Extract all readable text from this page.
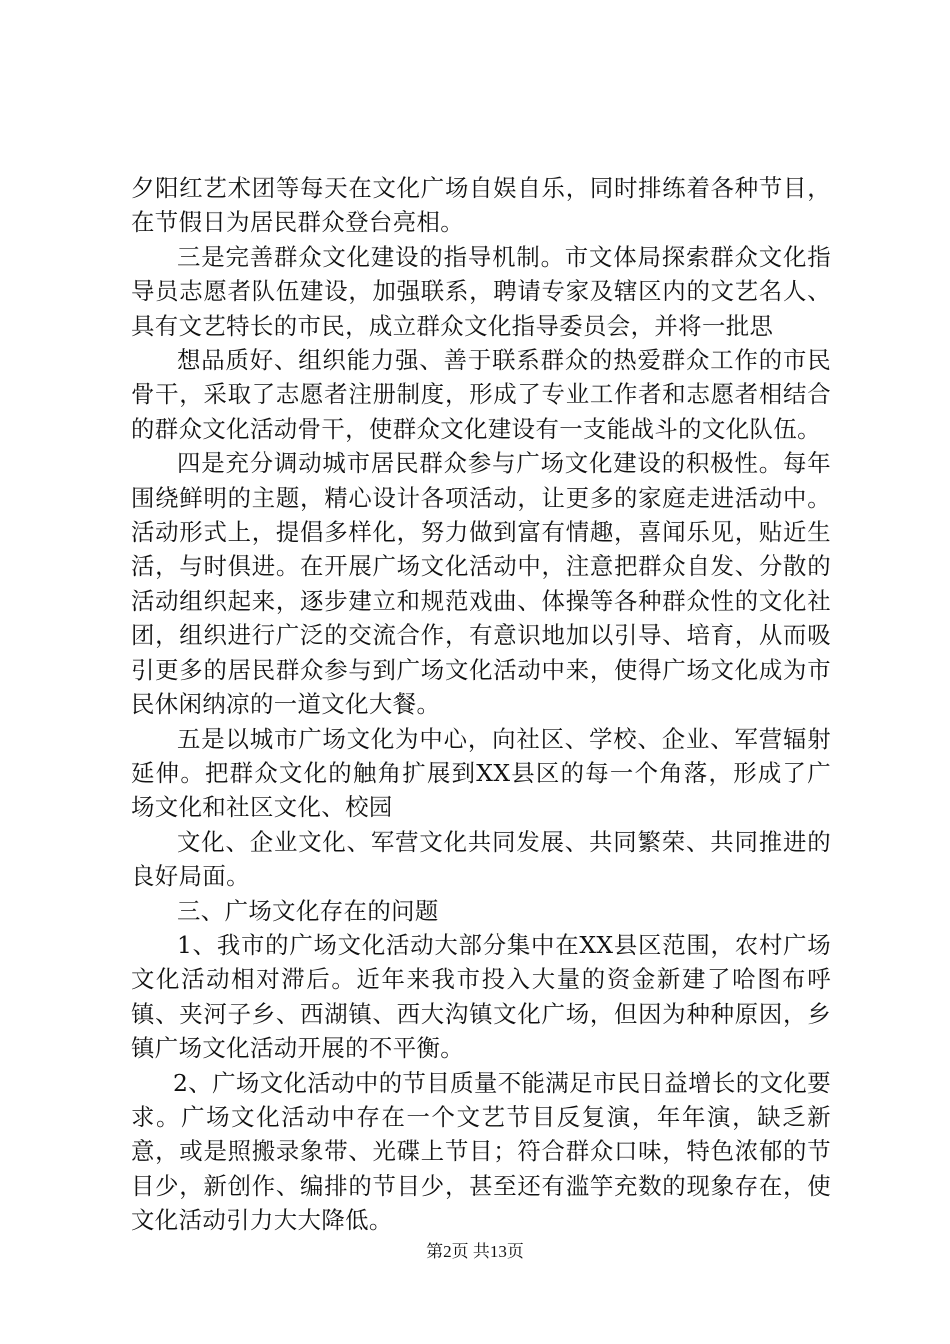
夕阳红艺术团等每天在文化广场自娱自乐，同时排练着各种节目，在节假日为居民群众登台亮相。

三是完善群众文化建设的指导机制。市文体局探索群众文化指导员志愿者队伍建设，加强联系，聘请专家及辖区内的文艺名人、具有文艺特长的市民，成立群众文化指导委员会，并将一批思

想品质好、组织能力强、善于联系群众的热爱群众工作的市民骨干，采取了志愿者注册制度，形成了专业工作者和志愿者相结合的群众文化活动骨干，使群众文化建设有一支能战斗的文化队伍。

四是充分调动城市居民群众参与广场文化建设的积极性。每年围绕鲜明的主题，精心设计各项活动，让更多的家庭走进活动中。活动形式上，提倡多样化，努力做到富有情趣，喜闻乐见，贴近生活，与时俱进。在开展广场文化活动中，注意把群众自发、分散的活动组织起来，逐步建立和规范戏曲、体操等各种群众性的文化社团，组织进行广泛的交流合作，有意识地加以引导、培育，从而吸引更多的居民群众参与到广场文化活动中来，使得广场文化成为市民休闲纳凉的一道文化大餐。

五是以城市广场文化为中心，向社区、学校、企业、军营辐射延伸。把群众文化的触角扩展到XX县区的每一个角落，形成了广场文化和社区文化、校园

文化、企业文化、军营文化共同发展、共同繁荣、共同推进的良好局面。

三、广场文化存在的问题

1、我市的广场文化活动大部分集中在XX县区范围，农村广场文化活动相对滞后。近年来我市投入大量的资金新建了哈图布呼镇、夹河子乡、西湖镇、西大沟镇文化广场，但因为种种原因，乡镇广场文化活动开展的不平衡。

2、广场文化活动中的节目质量不能满足市民日益增长的文化要求。广场文化活动中存在一个文艺节目反复演，年年演，缺乏新意，或是照搬录象带、光碟上节目；符合群众口味，特色浓郁的节目少，新创作、编排的节目少，甚至还有滥竽充数的现象存在，使文化活动引力大大降低。

第2页 共13页
